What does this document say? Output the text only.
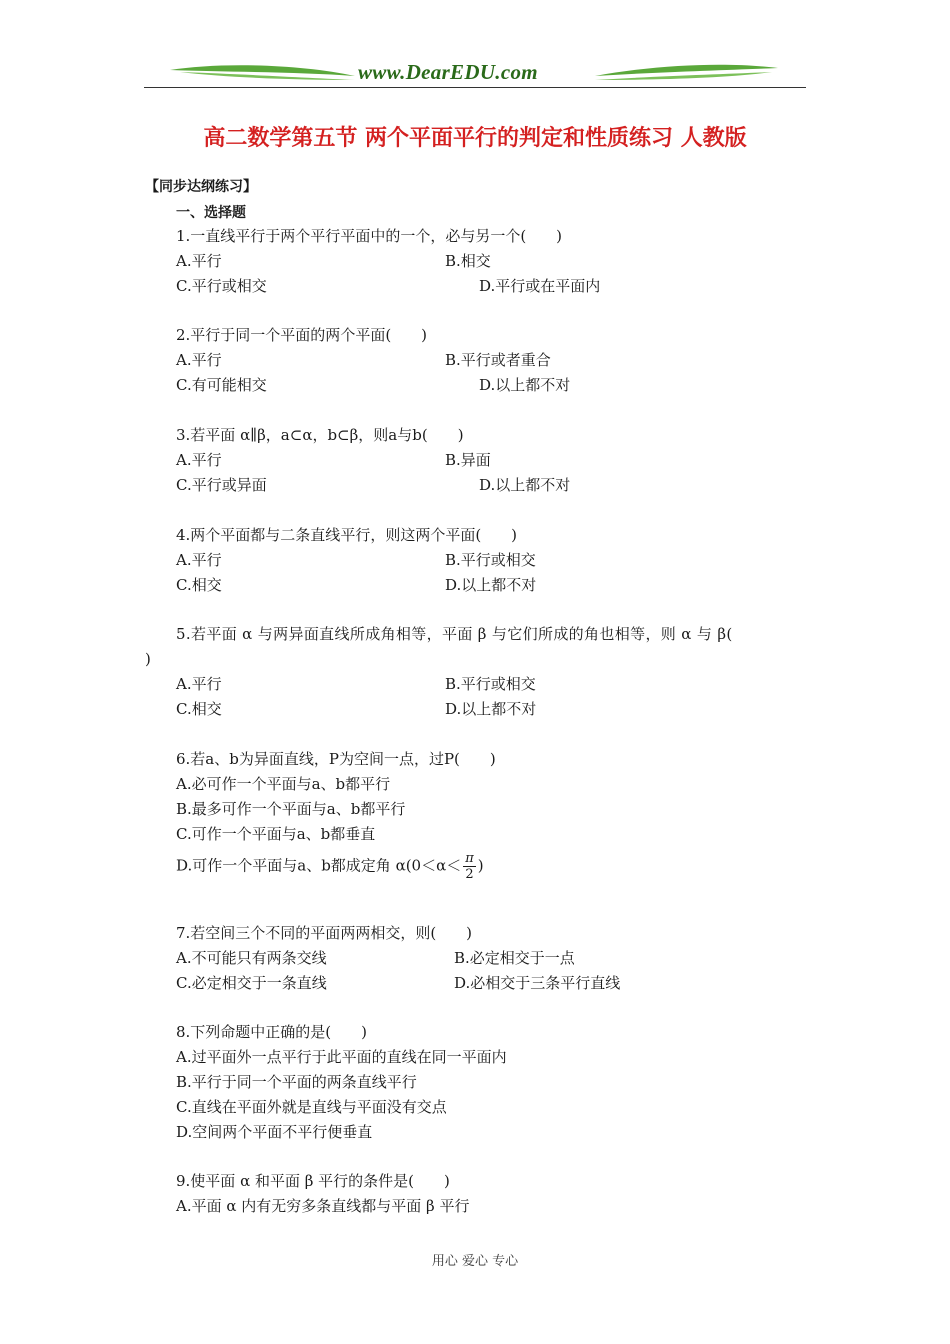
www.DearEDU.com
高二数学第五节 两个平面平行的判定和性质练习 人教版
【同步达纲练习】
一、选择题
1.一直线平行于两个平行平面中的一个，必与另一个(　　)
A.平行	B.相交
C.平行或相交	D.平行或在平面内
2.平行于同一个平面的两个平面(　　)
A.平行	B.平行或者重合
C.有可能相交	D.以上都不对
3.若平面 α∥β，a⊂α，b⊂β，则a与b(　　)
A.平行	B.异面
C.平行或异面	D.以上都不对
4.两个平面都与二条直线平行，则这两个平面(　　)
A.平行	B.平行或相交
C.相交	D.以上都不对
5.若平面 α 与两异面直线所成角相等，平面 β 与它们所成的角也相等，则 α 与 β(
)
A.平行	B.平行或相交
C.相交	D.以上都不对
6.若a、b为异面直线，P为空间一点，过P(　　)
A.必可作一个平面与a、b都平行
B.最多可作一个平面与a、b都平行
C.可作一个平面与a、b都垂直
D.可作一个平面与a、b都成定角 $\alpha(0<\alpha< \frac{\pi}{2}$ )
7.若空间三个不同的平面两两相交，则(　　)
A.不可能只有两条交线	B.必定相交于一点
C.必定相交于一条直线	D.必相交于三条平行直线
8.下列命题中正确的是(　　)
A.过平面外一点平行于此平面的直线在同一平面内
B.平行于同一个平面的两条直线平行
C.直线在平面外就是直线与平面没有交点
D.空间两个平面不平行便垂直
9.使平面 α 和平面 β 平行的条件是(　　)
A.平面 α 内有无穷多条直线都与平面 β 平行
用心 爱心 专心
